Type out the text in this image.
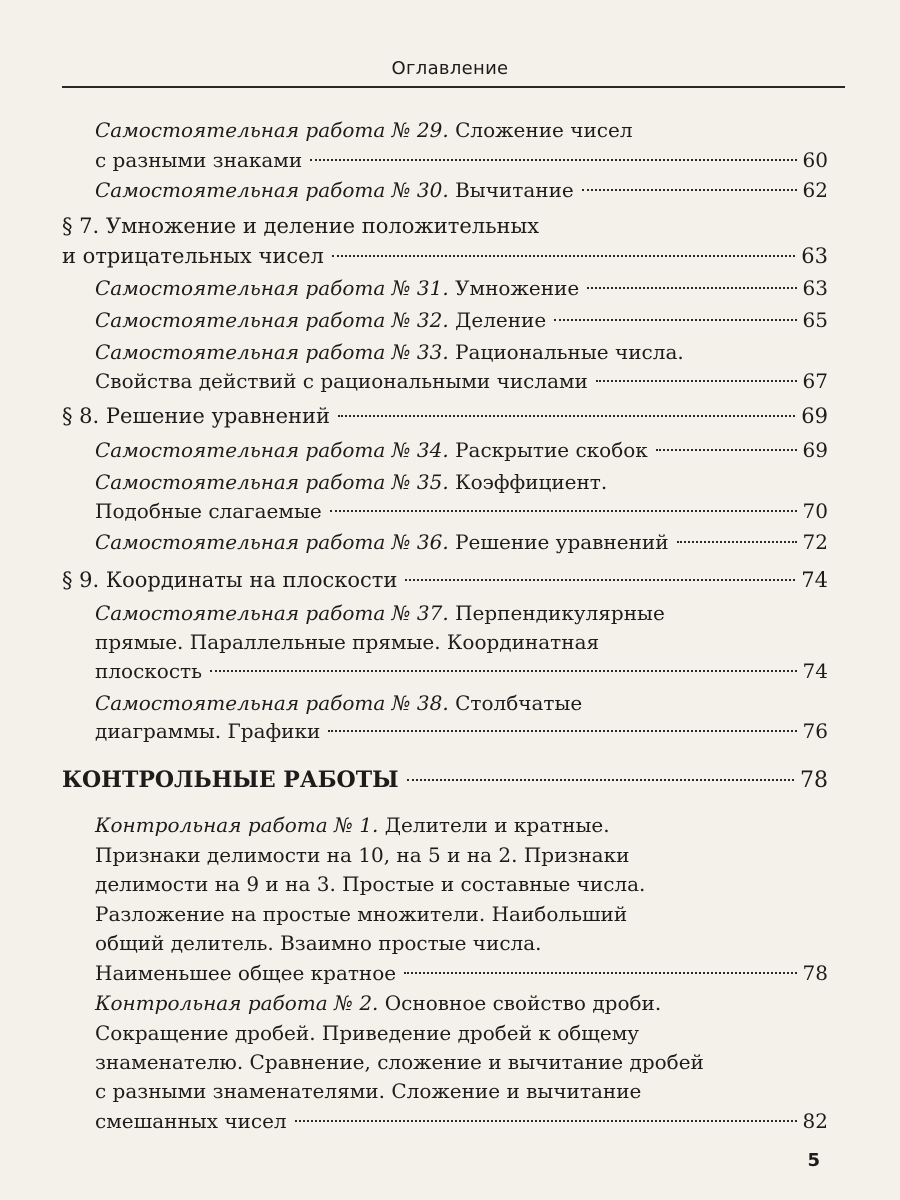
Оглавление
Самостоятельная работа № 29.
Сложение чисел
с разными знаками	60
Самостоятельная работа № 30.
Вычитание	62
§ 7. Умножение и деление положительных
и отрицательных чисел	63
Самостоятельная работа № 31.
Умножение	63
Самостоятельная работа № 32.
Деление	65
Самостоятельная работа № 33.
Рациональные числа.
Свойства действий с рациональными числами	67
§ 8. Решение уравнений	69
Самостоятельная работа № 34.
Раскрытие скобок	69
Самостоятельная работа № 35.
Коэффициент.
Подобные слагаемые	70
Самостоятельная работа № 36.
Решение уравнений	72
§ 9. Координаты на плоскости	74
Самостоятельная работа № 37.
Перпендикулярные
прямые. Параллельные прямые. Координатная
плоскость	74
Самостоятельная работа № 38.
Столбчатые
диаграммы. Графики	76
КОНТРОЛЬНЫЕ РАБОТЫ	78
Контрольная работа № 1.
Делители и кратные.
Признаки делимости на 10, на 5 и на 2. Признаки
делимости на 9 и на 3. Простые и составные числа.
Разложение на простые множители. Наибольший
общий делитель. Взаимно простые числа.
Наименьшее общее кратное	78
Контрольная работа № 2.
Основное свойство дроби.
Сокращение дробей. Приведение дробей к общему
знаменателю. Сравнение, сложение и вычитание дробей
с разными знаменателями. Сложение и вычитание
смешанных чисел	82
5
